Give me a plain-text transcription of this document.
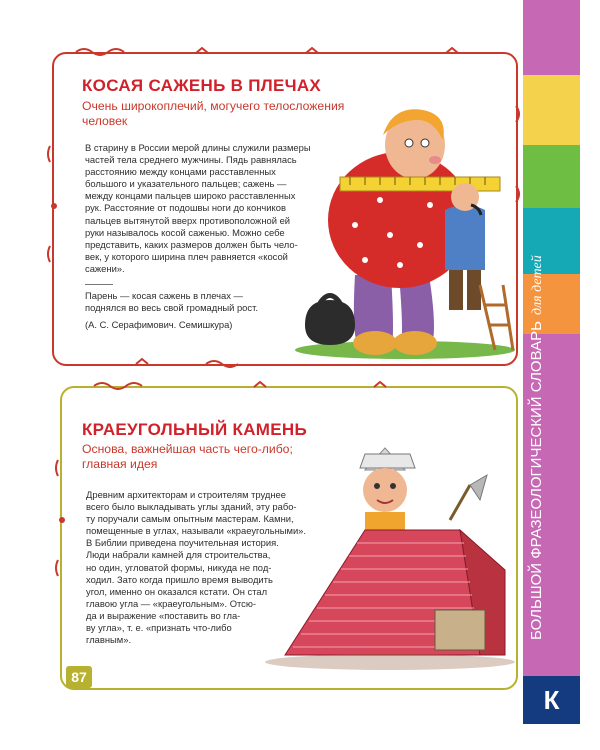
БОЛЬШОЙ ФРАЗЕОЛОГИЧЕСКИЙ СЛОВАРЬдля детей
К
КОСАЯ САЖЕНЬ В ПЛЕЧАХ
Очень широкоплечий, могучего телосложения
человек
В старину в России мерой длины служили размеры
частей тела среднего мужчины. Пядь равнялась
расстоянию между концами расставленных
большого и указательного пальцев; сажень —
между концами пальцев широко расставленных
рук. Расстояние от подошвы ноги до кончиков
пальцев вытянутой вверх противоположной ей
руки называлось косой саженью. Можно себе
представить, каких размеров должен быть чело-
век, у которого ширина плеч равняется «косой
сажени».
Парень — косая сажень в плечах —
поднялся во весь свой громадный рост.
(А. С. Серафимович. Семишкура)
КРАЕУГОЛЬНЫЙ КАМЕНЬ
Основа, важнейшая часть чего-либо;
главная идея
Древним архитекторам и строителям труднее
всего было выкладывать углы зданий, эту рабо-
ту поручали самым опытным мастерам. Камни,
помещенные в углах, называли «краеугольными».
В Библии приведена поучительная история.
Люди набрали камней для строительства,
но один, угловатой формы, никуда не под-
ходил. Зато когда пришло время выводить
угол, именно он оказался кстати. Он стал
главою угла — «краеугольным». Отсю-
да и выражение «поставить во гла-
ву угла», т. е. «признать что-либо
главным».
87
